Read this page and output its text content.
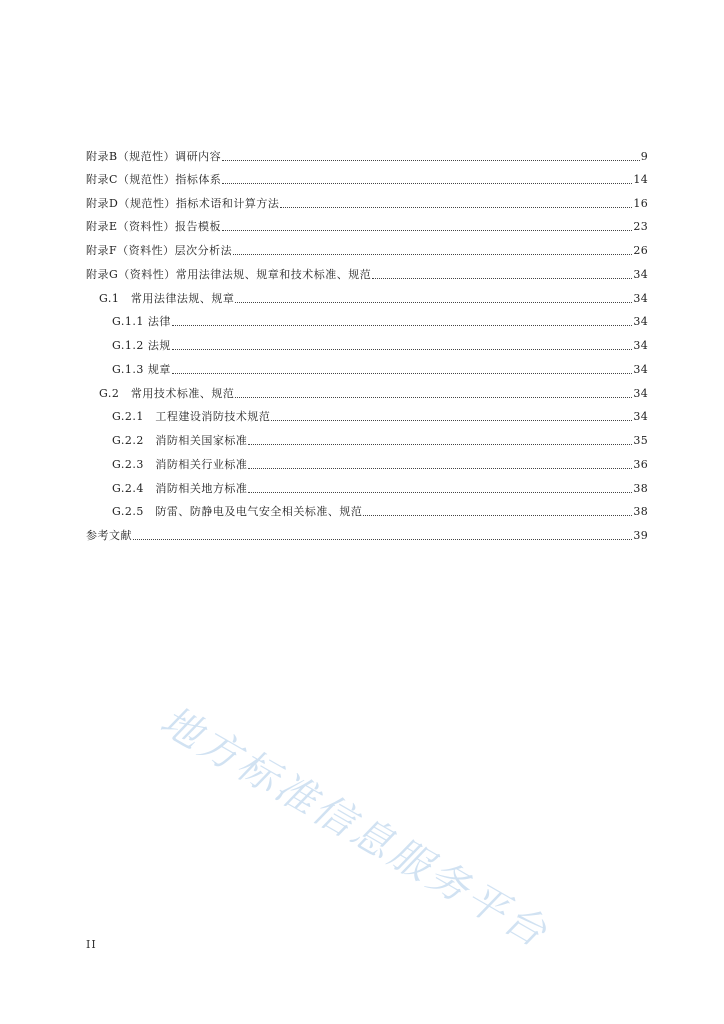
附录B（规范性）调研内容	9
附录C（规范性）指标体系	14
附录D（规范性）指标术语和计算方法	16
附录E（资料性）报告模板	23
附录F（资料性）层次分析法	26
附录G（资料性）常用法律法规、规章和技术标准、规范	34
G.1　常用法律法规、规章	34
G.1.1 法律	34
G.1.2 法规	34
G.1.3 规章	34
G.2　常用技术标准、规范	34
G.2.1　工程建设消防技术规范	34
G.2.2　消防相关国家标准	35
G.2.3　消防相关行业标准	36
G.2.4　消防相关地方标准	38
G.2.5　防雷、防静电及电气安全相关标准、规范	38
参考文献	39
地方标准信息服务平台
II
